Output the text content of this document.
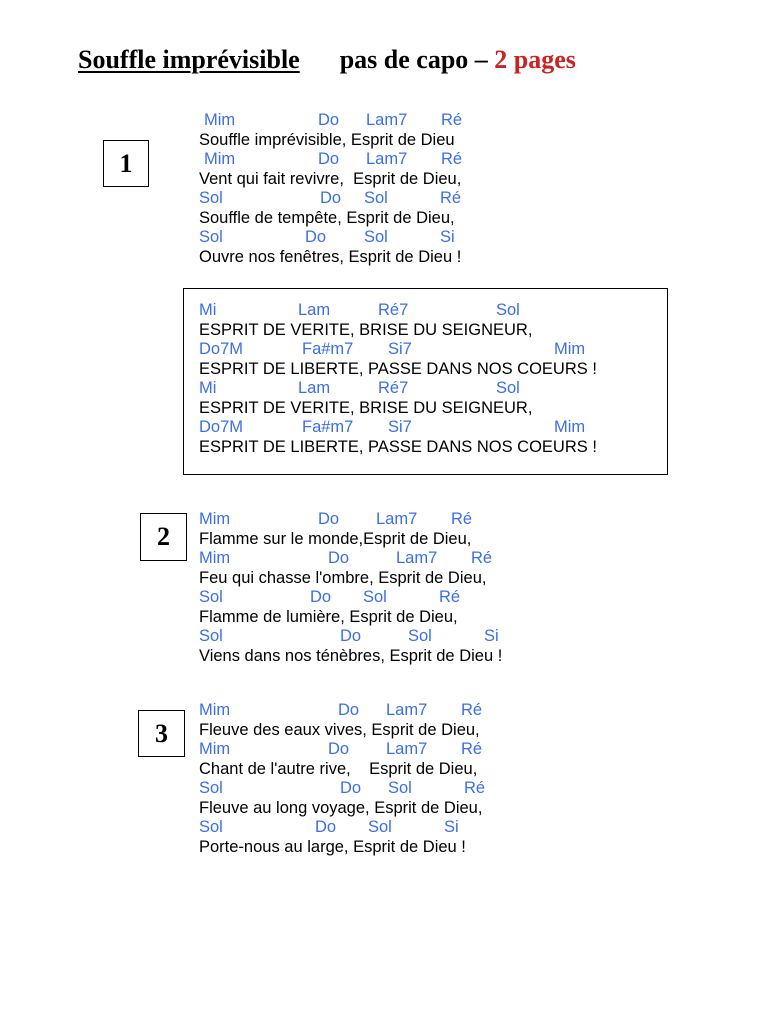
Souffle imprévisible pas de capo – 2 pages
1

Mim	Do Lam7 Ré

Souffle imprévisible, Esprit de Dieu

Mim	Do Lam7 Ré

Vent qui fait revivre,  Esprit de Dieu,

Sol	Do Sol	Ré

Souffle de tempête, Esprit de Dieu,

Sol	Do Sol	Si

Ouvre nos fenêtres, Esprit de Dieu !

Mi	Lam	Ré7	Sol

ESPRIT DE VERITE, BRISE DU SEIGNEUR,

Do7M	Fa#m7 Si7	Mim

ESPRIT DE LIBERTE, PASSE DANS NOS COEURS !

Mi	Lam	Ré7	Sol

ESPRIT DE VERITE, BRISE DU SEIGNEUR,

Do7M	Fa#m7 Si7	Mim

ESPRIT DE LIBERTE, PASSE DANS NOS COEURS !
2

Mim	Do Lam7 Ré

Flamme sur le monde,Esprit de Dieu,

Mim	Do	Lam7 Ré

Feu qui chasse l'ombre, Esprit de Dieu,

Sol	Do Sol	Ré

Flamme de lumière, Esprit de Dieu,

Sol	Do	Sol	Si

Viens dans nos ténèbres, Esprit de Dieu !
3

Mim	Do Lam7 Ré

Fleuve des eaux vives, Esprit de Dieu,

Mim	Do Lam7 Ré

Chant de l'autre rive,    Esprit de Dieu,

Sol	Do Sol	Ré

Fleuve au long voyage, Esprit de Dieu,

Sol	Do Sol	Si

Porte-nous au large, Esprit de Dieu !
